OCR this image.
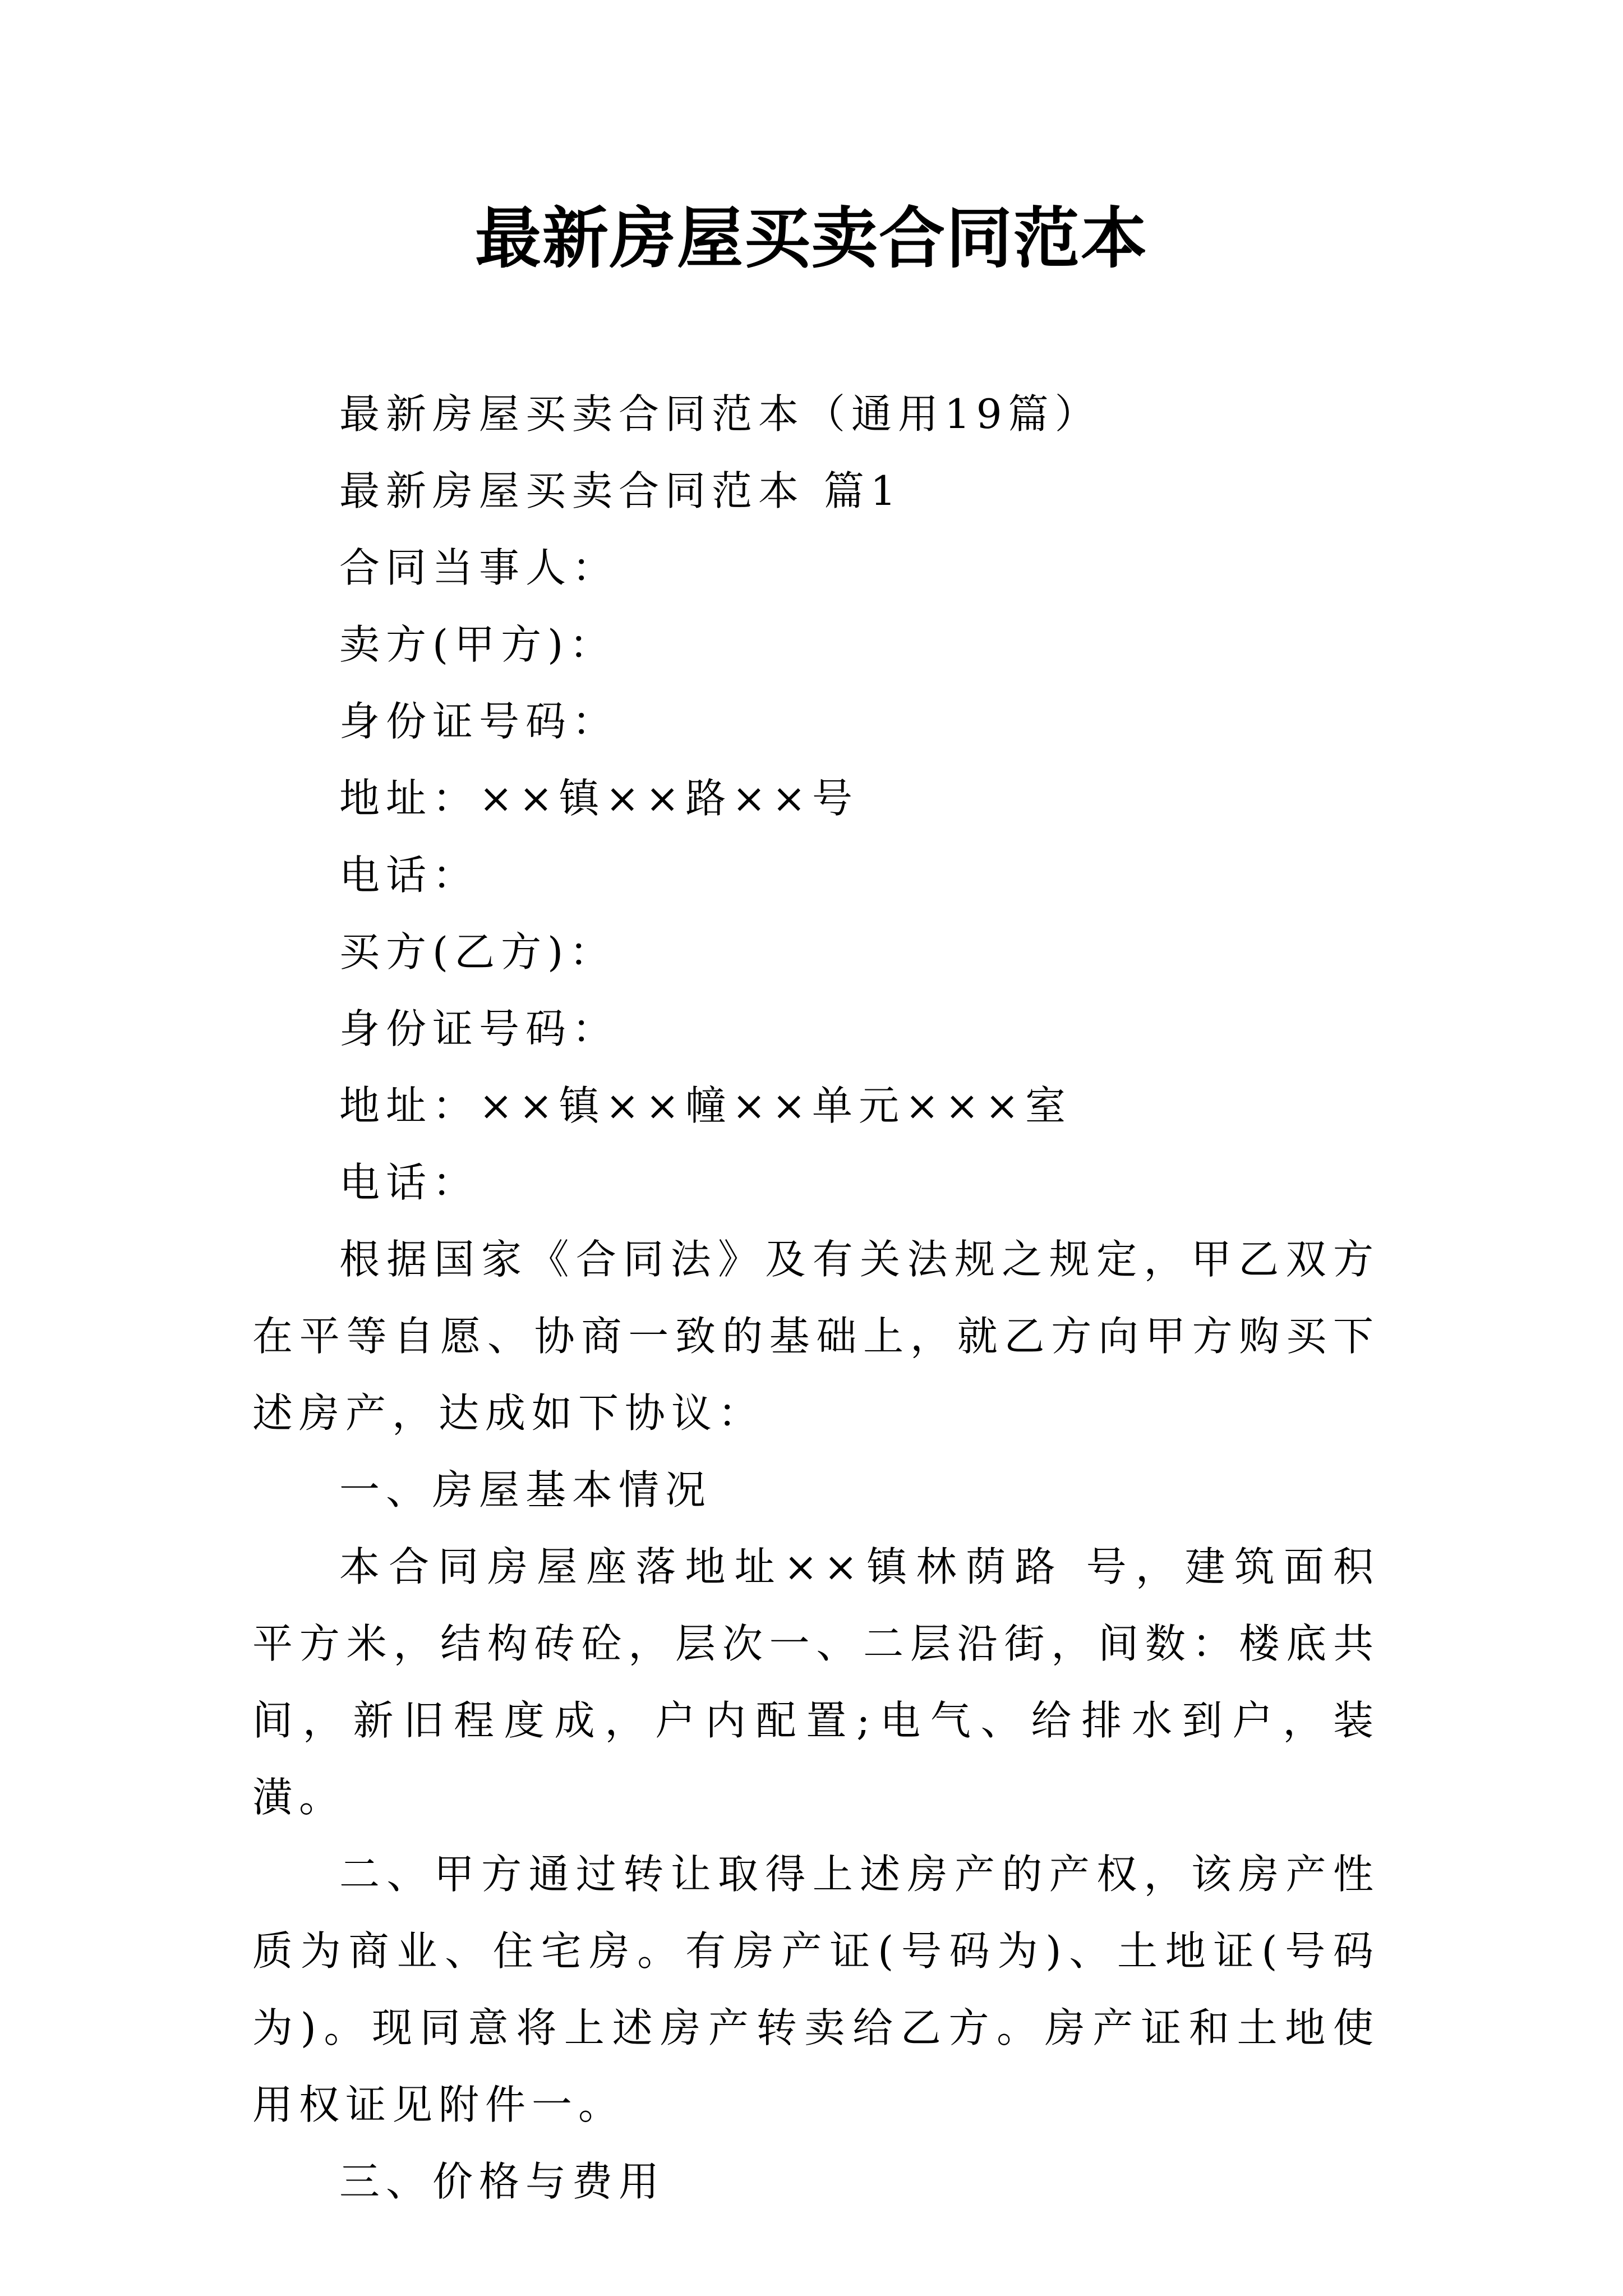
最新房屋买卖合同范本
最新房屋买卖合同范本（通用19篇）
最新房屋买卖合同范本 篇1
合同当事人：
卖方(甲方)：
身份证号码：
地址：××镇××路××号
电话：
买方(乙方)：
身份证号码：
地址：××镇××幢××单元×××室
电话：
根据国家《合同法》及有关法规之规定，甲乙双方在平等自愿、协商一致的基础上，就乙方向甲方购买下述房产，达成如下协议：
一、房屋基本情况
本合同房屋座落地址××镇林荫路 号，建筑面积 平方米，结构砖砼，层次一、二层沿街，间数：楼底共间，新旧程度成，户内配置;电气、给排水到户，装潢。
二、甲方通过转让取得上述房产的产权，该房产性质为商业、住宅房。有房产证(号码为)、土地证(号码为)。现同意将上述房产转卖给乙方。房产证和土地使用权证见附件一。
三、价格与费用
